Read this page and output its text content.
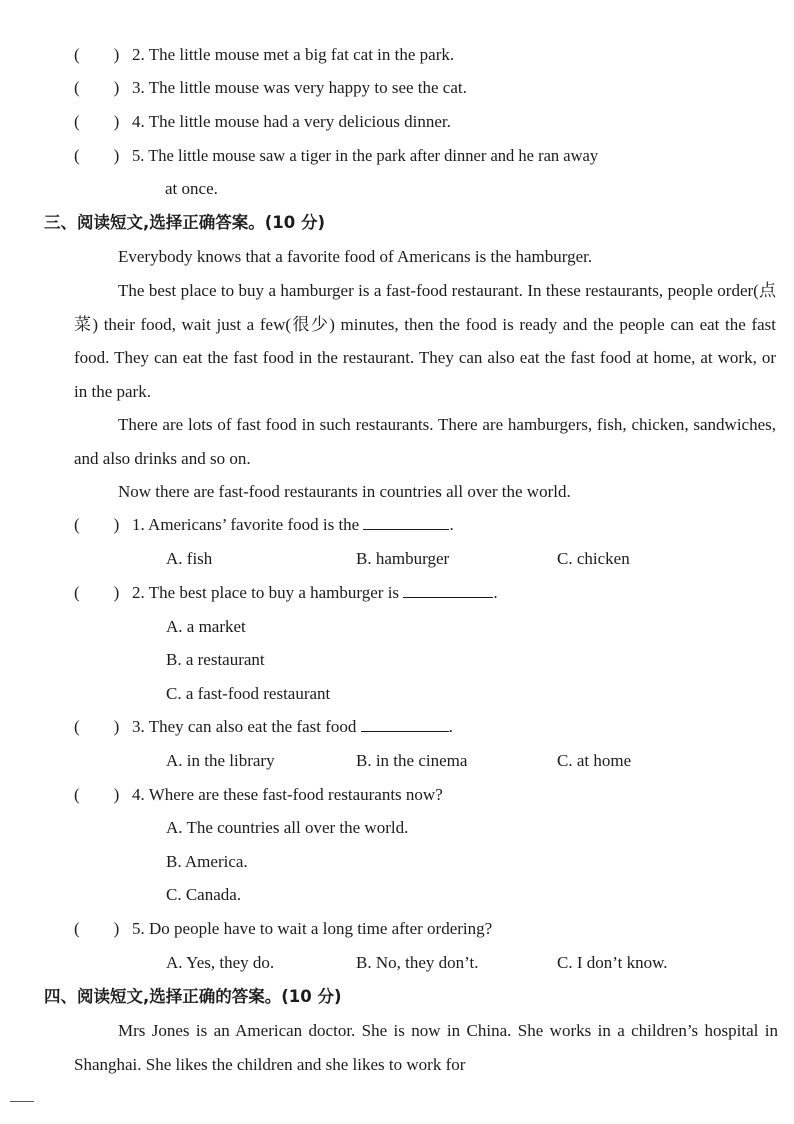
(        ) 2. The little mouse met a big fat cat in the park.
(        ) 3. The little mouse was very happy to see the cat.
(        ) 4. The little mouse had a very delicious dinner.
(        ) 5. The little mouse saw a tiger in the park after dinner and he ran away
at once.
三、阅读短文,选择正确答案。(10 分)
Everybody knows that a favorite food of Americans is the hamburger.
The best place to buy a hamburger is a fast-food restaurant. In these restaurants, people order(点菜) their food, wait just a few(很少) minutes, then the food is ready and the people can eat the fast food. They can eat the fast food in the restaurant. They can also eat the fast food at home, at work, or in the park.
There are lots of fast food in such restaurants. There are hamburgers, fish, chicken, sandwiches, and also drinks and so on.
Now there are fast-food restaurants in countries all over the world.
(        ) 1. Americans’ favorite food is the	.
A. fish	B. hamburger	C. chicken
(        ) 2. The best place to buy a hamburger is	.
A. a market
B. a restaurant
C. a fast-food restaurant
(        ) 3. They can also eat the fast food	.
A. in the library	B. in the cinema	C. at home
(        ) 4. Where are these fast-food restaurants now?
A. The countries all over the world.
B. America.
C. Canada.
(        ) 5. Do people have to wait a long time after ordering?
A. Yes, they do.	B. No, they don’t.	C. I don’t know.
四、阅读短文,选择正确的答案。(10 分)
Mrs Jones is an American doctor. She is now in China. She works in a children’s hospital in Shanghai. She likes the children and she likes to work for
